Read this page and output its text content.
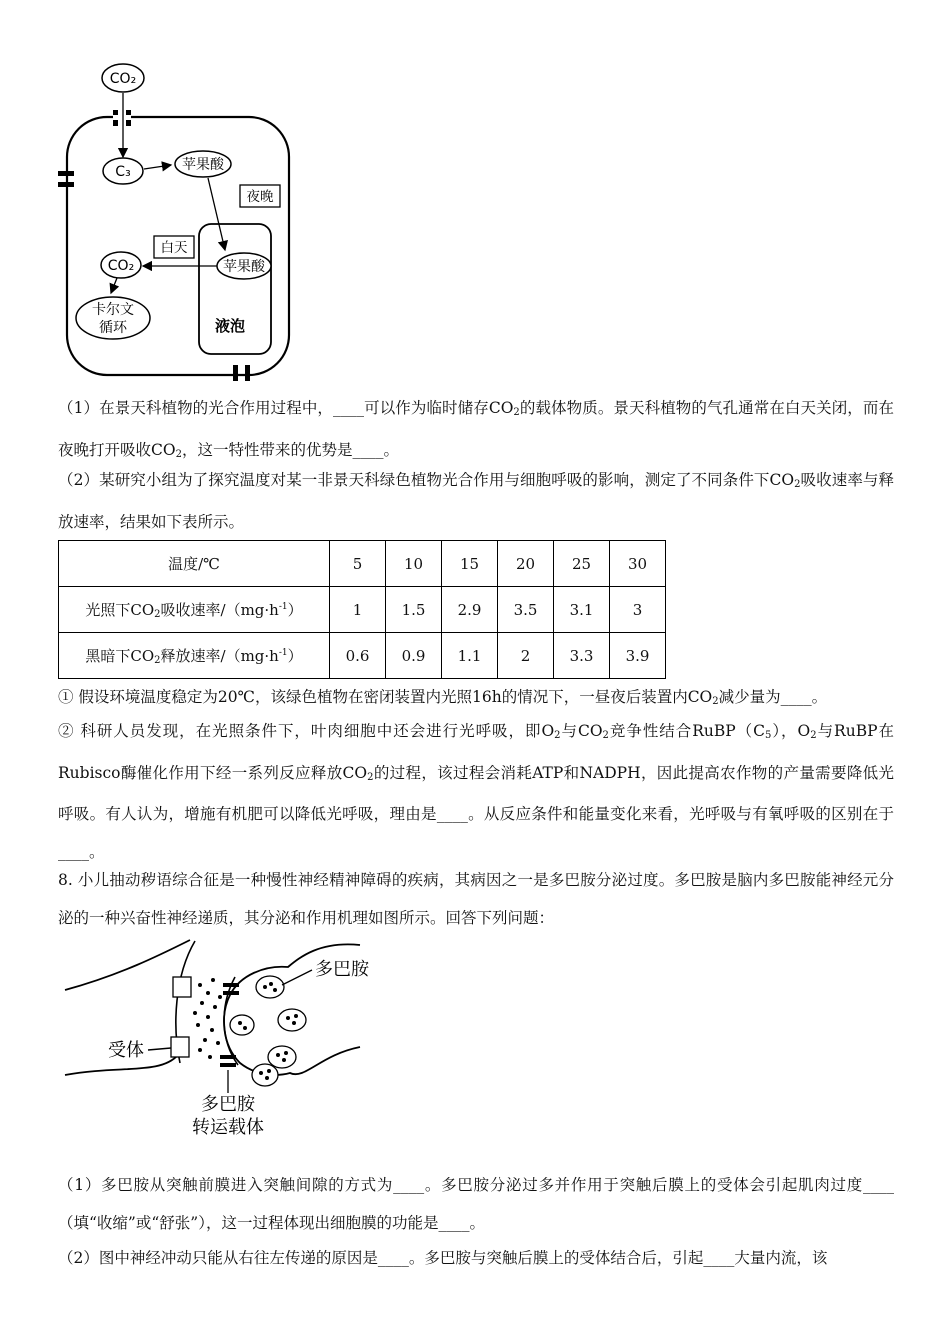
CO₂
C₃	苹果酸
夜晚
液泡
白天
苹果酸
CO₂
卡尔文
循环

（1）在景天科植物的光合作用过程中，____可以作为临时储存$CO_2$的载体物质。景天科植物的气孔通常在白天关闭，而在夜晚打开吸收$CO_2$，这一特性带来的优势是____。

（2）某研究小组为了探究温度对某一非景天科绿色植物光合作用与细胞呼吸的影响，测定了不同条件下$CO_2$吸收速率与释放速率，结果如下表所示。

温度/℃	5	10	15	20	25	30
光照下$CO_2$吸收速率$/(mg\cdot h^{-1})$	1	1.5	2.9	3.5	3.1	3
黑暗下$CO_2$释放速率$/(mg\cdot h^{-1})$	0.6	0.9	1.1	2	3.3	3.9

① 假设环境温度稳定为20℃，该绿色植物在密闭装置内光照16h的情况下，一昼夜后装置内$CO_2$减少量为____。

② 科研人员发现，在光照条件下，叶肉细胞中还会进行光呼吸，即$O_2$与$CO_2$竞争性结合$RuBP(C_5)$，$O_2$与RuBP在Rubisco酶催化作用下经一系列反应释放$CO_2$的过程，该过程会消耗ATP和NADPH，因此提高农作物的产量需要降低光呼吸。有人认为，增施有机肥可以降低光呼吸，理由是____。从反应条件和能量变化来看，光呼吸与有氧呼吸的区别在于____。

8. 小儿抽动秽语综合征是一种慢性神经精神障碍的疾病，其病因之一是多巴胺分泌过度。多巴胺是脑内多巴胺能神经元分泌的一种兴奋性神经递质，其分泌和作用机理如图所示。回答下列问题：

多巴胺
受体
多巴胺
转运载体

（1）多巴胺从突触前膜进入突触间隙的方式为____。多巴胺分泌过多并作用于突触后膜上的受体会引起肌肉过度____（填“收缩”或“舒张”），这一过程体现出细胞膜的功能是____。

（2）图中神经冲动只能从右往左传递的原因是____。多巴胺与突触后膜上的受体结合后，引起____大量内流，该
